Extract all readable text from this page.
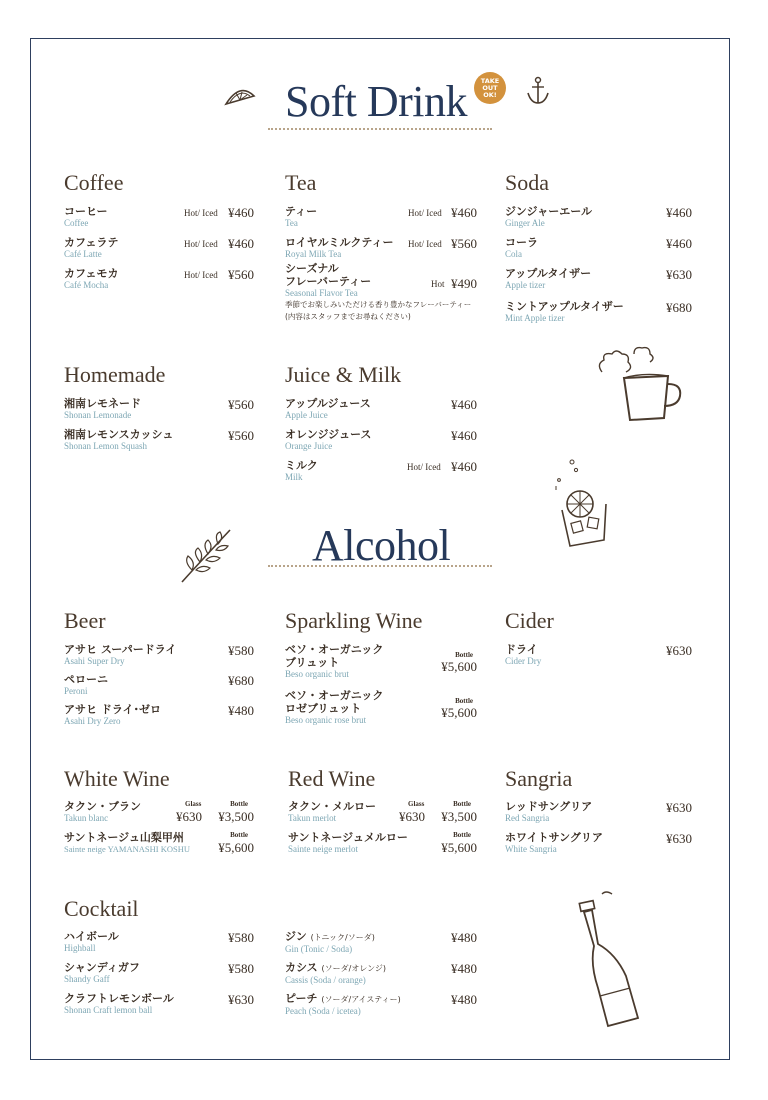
Soft Drink TAKE
OUT
OK!
Coffee
コーヒー
Coffee
Hot/ Iced ¥460
カフェラテ
Café Latte
Hot/ Iced ¥460
カフェモカ
Café Mocha
Hot/ Iced ¥560
Tea
ティー
Tea
Hot/ Iced ¥460
ロイヤルミルクティー
Royal Milk Tea
Hot/ Iced ¥560
シーズナル
フレーバーティー
Seasonal Flavor Tea
季節でお楽しみいただける香り豊かなフレーバーティー
(内容はスタッフまでお尋ねください)
Hot ¥490
Soda
ジンジャーエール
Ginger Ale
¥460
コーラ
Cola
¥460
アップルタイザー
Apple tizer
¥630
ミントアップルタイザー
Mint Apple tizer
¥680
Homemade
湘南レモネード
Shonan Lemonade
¥560
湘南レモンスカッシュ
Shonan Lemon Squash
¥560
Juice & Milk
アップルジュース
Apple Juice
¥460
オレンジジュース
Orange Juice
¥460
ミルク
Milk
Hot/ Iced ¥460
Alcohol
Beer
アサヒ スーパードライ
Asahi Super Dry
¥580
ペローニ
Peroni
¥680
アサヒ ドライ･ゼロ
Asahi Dry Zero
¥480
Sparkling Wine
ベソ・オーガニック
ブリュット
Beso organic brut
Bottle
¥5,600
ベソ・オーガニック
ロゼブリュット
Beso organic rose brut
Bottle
¥5,600
Cider
ドライ
Cider Dry
¥630
White Wine
タクン・ブラン
Takun blanc
Glass
¥630
Bottle
¥3,500
サントネージュ山梨甲州
Sainte neige YAMANASHI KOSHU
Bottle
¥5,600
Red Wine
タクン・メルロー
Takun merlot
Glass
¥630
Bottle
¥3,500
サントネージュメルロー
Sainte neige merlot
Bottle
¥5,600
Sangria
レッドサングリア
Red Sangria
¥630
ホワイトサングリア
White Sangria
¥630
Cocktail
ハイボール
Highball
¥580
シャンディガフ
Shandy Gaff
¥580
クラフトレモンボール
Shonan Craft lemon ball
¥630
ジン (トニック/ソーダ)
Gin (Tonic / Soda)
¥480
カシス (ソーダ/オレンジ)
Cassis (Soda / orange)
¥480
ピーチ (ソーダ/アイスティー)
Peach (Soda / icetea)
¥480
